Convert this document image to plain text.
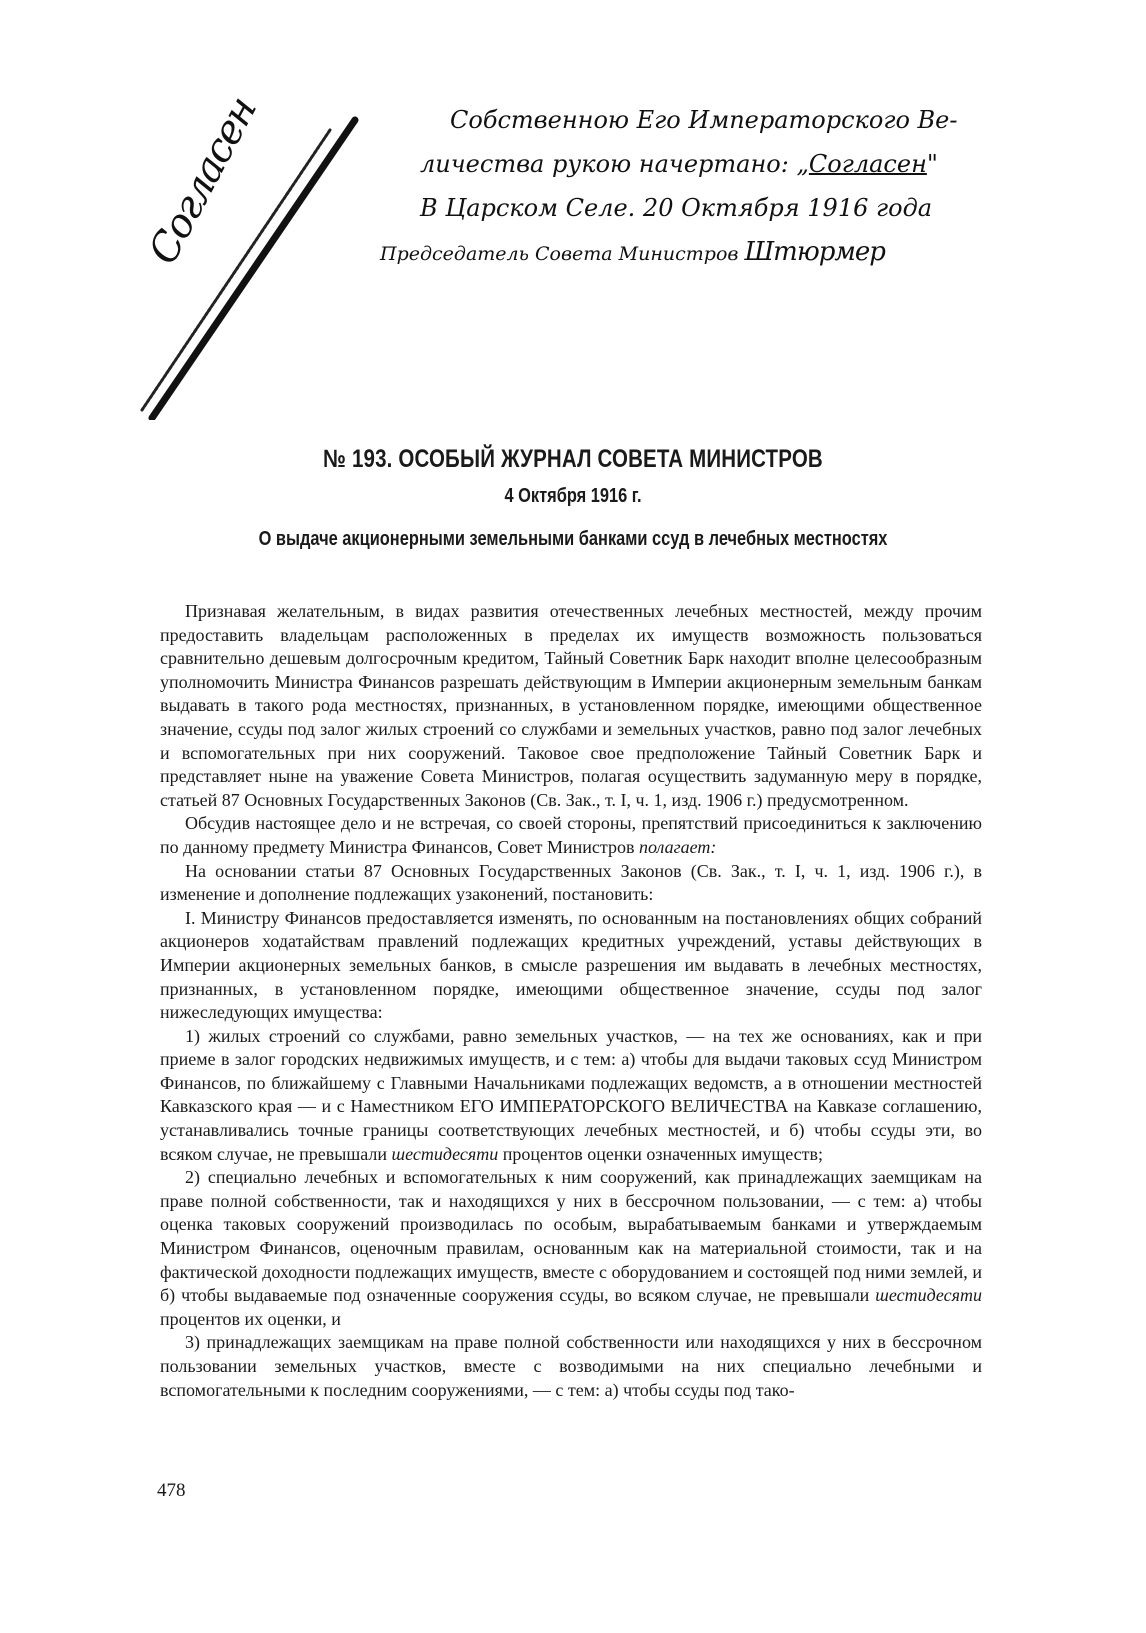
Согласен	Собственною Его Императорского Ве-
личества рукою начертано: „Согласен"
В Царском Селе. 20 Октября 1916 года
Председатель Совета Министров Штюрмер
№ 193. ОСОБЫЙ ЖУРНАЛ СОВЕТА МИНИСТРОВ
4 Октября 1916 г.
О выдаче акционерными земельными банками ссуд в лечебных местностях

Признавая желательным, в видах развития отечественных лечебных местностей, между прочим предоставить владельцам расположенных в пределах их имуществ возможность пользоваться сравнительно дешевым долгосрочным кредитом, Тайный Советник Барк находит вполне целесообразным уполномочить Министра Финансов разрешать действующим в Империи акционерным земельным банкам выдавать в такого рода местностях, признанных, в установленном порядке, имеющими общественное значение, ссуды под залог жилых строений со службами и земельных участков, равно под залог лечебных и вспомогательных при них сооружений. Таковое свое предположение Тайный Советник Барк и представляет ныне на уважение Совета Министров, полагая осуществить задуманную меру в порядке, статьей 87 Основных Государственных Законов (Св. Зак., т. I, ч. 1, изд. 1906 г.) предусмотренном.

Обсудив настоящее дело и не встречая, со своей стороны, препятствий присоединиться к заключению по данному предмету Министра Финансов, Совет Министров полагает:

На основании статьи 87 Основных Государственных Законов (Св. Зак., т. I, ч. 1, изд. 1906 г.), в изменение и дополнение подлежащих узаконений, постановить:

I. Министру Финансов предоставляется изменять, по основанным на постановлениях общих собраний акционеров ходатайствам правлений подлежащих кредитных учреждений, уставы действующих в Империи акционерных земельных банков, в смысле разрешения им выдавать в лечебных местностях, признанных, в установленном порядке, имеющими общественное значение, ссуды под залог нижеследующих имущества:

1) жилых строений со службами, равно земельных участков, — на тех же основаниях, как и при приеме в залог городских недвижимых имуществ, и с тем: а) чтобы для выдачи таковых ссуд Министром Финансов, по ближайшему с Главными Начальниками подлежащих ведомств, а в отношении местностей Кавказского края — и с Наместником ЕГО ИМПЕРАТОРСКОГО ВЕЛИЧЕСТВА на Кавказе соглашению, устанавливались точные границы соответствующих лечебных местностей, и б) чтобы ссуды эти, во всяком случае, не превышали шестидесяти процентов оценки означенных имуществ;

2) специально лечебных и вспомогательных к ним сооружений, как принадлежащих заемщикам на праве полной собственности, так и находящихся у них в бессрочном пользовании, — с тем: а) чтобы оценка таковых сооружений производилась по особым, вырабатываемым банками и утверждаемым Министром Финансов, оценочным правилам, основанным как на материальной стоимости, так и на фактической доходности подлежащих имуществ, вместе с оборудованием и состоящей под ними землей, и б) чтобы выдаваемые под означенные сооружения ссуды, во всяком случае, не превышали шестидесяти процентов их оценки, и

3) принадлежащих заемщикам на праве полной собственности или находящихся у них в бессрочном пользовании земельных участков, вместе с возводимыми на них специально лечебными и вспомогательными к последним сооружениями, — с тем: а) чтобы ссуды под тако-

478
